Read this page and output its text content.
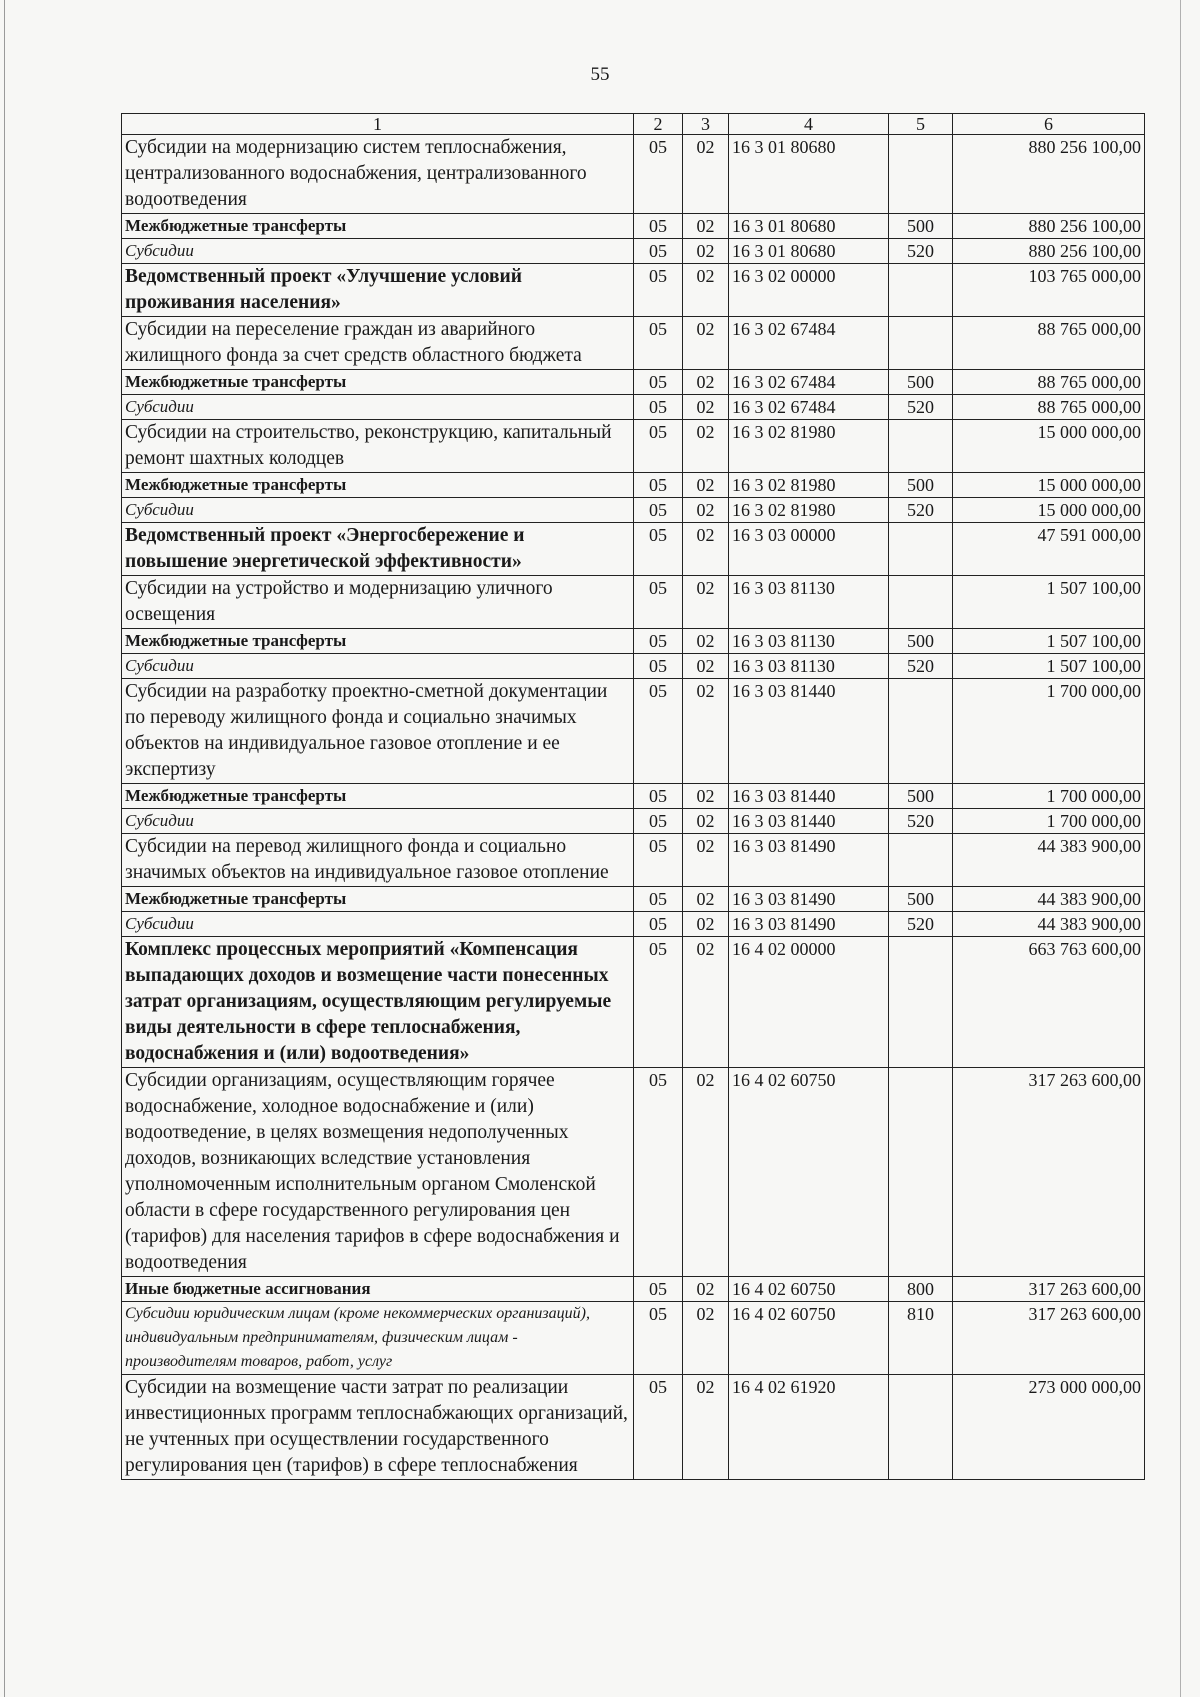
55
1	2	3	4	5	6
Субсидии на модернизацию систем теплоснабжения, централизованного водоснабжения, централизованного водоотведения	05	02	16 3 01 80680		880 256 100,00
Межбюджетные трансферты	05	02	16 3 01 80680	500	880 256 100,00
Субсидии	05	02	16 3 01 80680	520	880 256 100,00
Ведомственный проект «Улучшение условий проживания населения»	05	02	16 3 02 00000		103 765 000,00
Субсидии на переселение граждан из аварийного жилищного фонда за счет средств областного бюджета	05	02	16 3 02 67484		88 765 000,00
Межбюджетные трансферты	05	02	16 3 02 67484	500	88 765 000,00
Субсидии	05	02	16 3 02 67484	520	88 765 000,00
Субсидии на строительство, реконструкцию, капитальный ремонт шахтных колодцев	05	02	16 3 02 81980		15 000 000,00
Межбюджетные трансферты	05	02	16 3 02 81980	500	15 000 000,00
Субсидии	05	02	16 3 02 81980	520	15 000 000,00
Ведомственный проект «Энергосбережение и повышение энергетической эффективности»	05	02	16 3 03 00000		47 591 000,00
Субсидии на устройство и модернизацию уличного освещения	05	02	16 3 03 81130		1 507 100,00
Межбюджетные трансферты	05	02	16 3 03 81130	500	1 507 100,00
Субсидии	05	02	16 3 03 81130	520	1 507 100,00
Субсидии на разработку проектно-сметной документации по переводу жилищного фонда и социально значимых объектов на индивидуальное газовое отопление и ее экспертизу	05	02	16 3 03 81440		1 700 000,00
Межбюджетные трансферты	05	02	16 3 03 81440	500	1 700 000,00
Субсидии	05	02	16 3 03 81440	520	1 700 000,00
Субсидии на перевод жилищного фонда и социально значимых объектов на индивидуальное газовое отопление	05	02	16 3 03 81490		44 383 900,00
Межбюджетные трансферты	05	02	16 3 03 81490	500	44 383 900,00
Субсидии	05	02	16 3 03 81490	520	44 383 900,00
Комплекс процессных мероприятий «Компенсация выпадающих доходов и возмещение части понесенных затрат организациям, осуществляющим регулируемые виды деятельности в сфере теплоснабжения, водоснабжения и (или) водоотведения»	05	02	16 4 02 00000		663 763 600,00
Субсидии организациям, осуществляющим горячее водоснабжение, холодное водоснабжение и (или) водоотведение, в целях возмещения недополученных доходов, возникающих вследствие установления уполномоченным исполнительным органом Смоленской области в сфере государственного регулирования цен (тарифов) для населения тарифов в сфере водоснабжения и водоотведения	05	02	16 4 02 60750		317 263 600,00
Иные бюджетные ассигнования	05	02	16 4 02 60750	800	317 263 600,00
Субсидии юридическим лицам (кроме некоммерческих организаций), индивидуальным предпринимателям, физическим лицам - производителям товаров, работ, услуг	05	02	16 4 02 60750	810	317 263 600,00
Субсидии на возмещение части затрат по реализации инвестиционных программ теплоснабжающих организаций, не учтенных при осуществлении государственного регулирования цен (тарифов) в сфере теплоснабжения	05	02	16 4 02 61920		273 000 000,00
